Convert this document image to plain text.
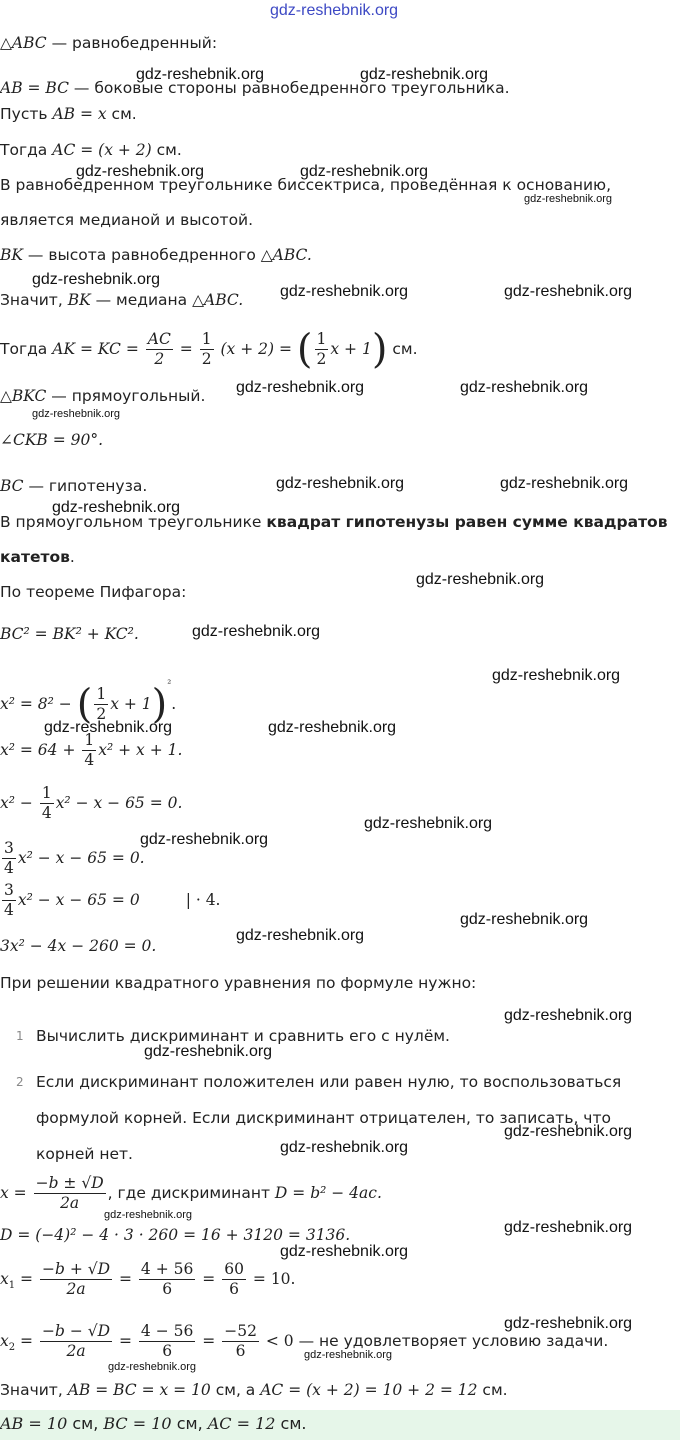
△ABC — равнобедренный:
AB = BC — боковые стороны равнобедренного треугольника.
Пусть AB = x см.
Тогда AC = (x + 2) см.
В равнобедренном треугольнике биссектриса, проведённая к основанию,
является медианой и высотой.
BK — высота равнобедренного △ABC.
Значит, BK — медиана △ABC.
Тогда AK = KC = $\frac{AC}{2} = \frac{1}{2} (x + 2)$ = ( $\frac{1}{2}$ x + 1) см.
△BKC — прямоугольный.
∠CKB = 90°.
BC — гипотенуза.
В прямоугольном треугольнике квадрат гипотенузы равен сумме квадратов
катетов.
По теореме Пифагора:
BC² = BK² + KC².
x² = 8² − ( $\frac{1}{2}$ x + 1)$^{^2}$.
$x^2 = 64 + \frac{1}{4} x^2 + x + 1$.
$x^2 - \frac{1}{4} x^2 - x - 65 = 0$.
$\frac{3}{4} x^2 - x - 65 = 0$.
$\frac{3}{4} x^2 - x - 65 = 0$	| · 4.
3x² − 4x − 260 = 0.
При решении квадратного уравнения по формуле нужно:
1 Вычислить дискриминант и сравнить его с нулём.
2 Если дискриминант положителен или равен нулю, то воспользоваться
формулой корней. Если дискриминант отрицателен, то записать, что
корней нет.
$x = \frac{-b \pm √D}{2a}$ , где дискриминант D = b² − 4ac.
D = (−4)² − 4 · 3 · 260 = 16 + 3120 = 3136.
$x_1 = \frac{-b + √D}{2a} = \frac{4 + 56}{6} = \frac{60}{6} = 10$.
$x_2 = \frac{-b - √D}{2a} = \frac{4 - 56}{6} = \frac{-52}{6} < 0$ — не удовлетворяет условию задачи.
Значит, AB = BC = x = 10 см, а AC = (x + 2) = 10 + 2 = 12 см.
AB = 10 см, BC = 10 см, AC = 12 см.
gdz-reshebnik.org
gdz-reshebnik.org	gdz-reshebnik.org
gdz-reshebnik.org	gdz-reshebnik.org
gdz-reshebnik.org
gdz-reshebnik.org
gdz-reshebnik.org	gdz-reshebnik.org
gdz-reshebnik.org	gdz-reshebnik.org
gdz-reshebnik.org
gdz-reshebnik.org	gdz-reshebnik.org
gdz-reshebnik.org
gdz-reshebnik.org
gdz-reshebnik.org
gdz-reshebnik.org
gdz-reshebnik.org	gdz-reshebnik.org
gdz-reshebnik.org
gdz-reshebnik.org
gdz-reshebnik.org
gdz-reshebnik.org
gdz-reshebnik.org
gdz-reshebnik.org
gdz-reshebnik.org
gdz-reshebnik.org
gdz-reshebnik.org
gdz-reshebnik.org
gdz-reshebnik.org
gdz-reshebnik.org
gdz-reshebnik.org
gdz-reshebnik.org
